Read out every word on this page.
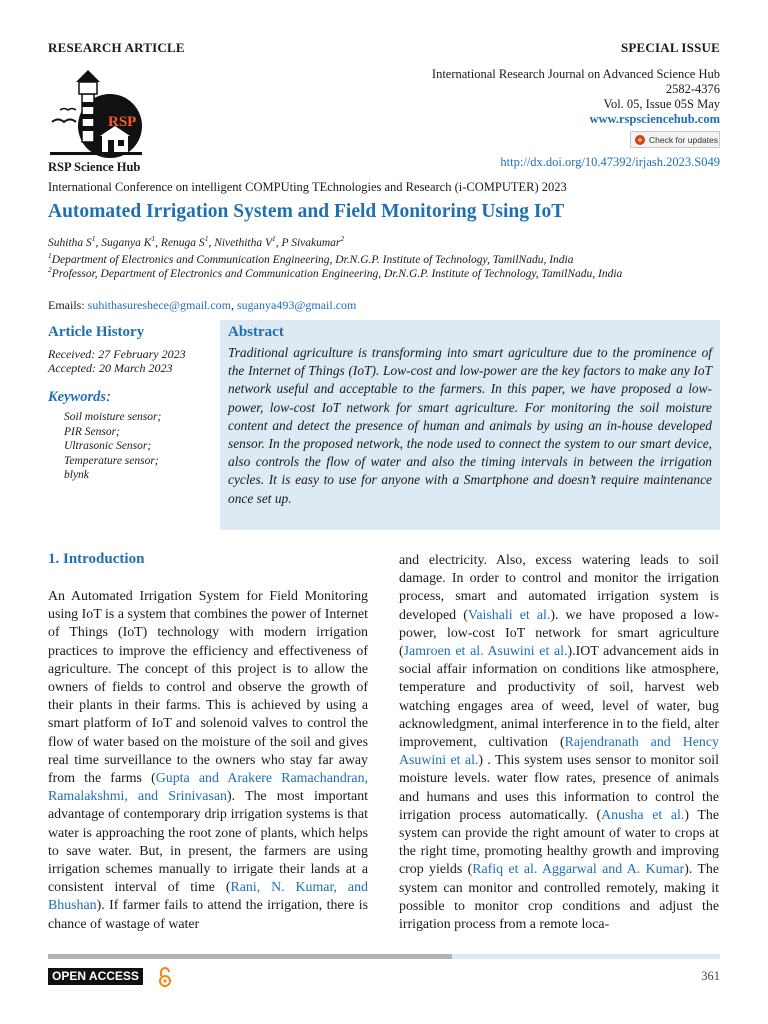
RESEARCH ARTICLE	SPECIAL ISSUE
RSP
RSP Science Hub
International Research Journal on Advanced Science Hub
2582-4376
Vol. 05, Issue 05S May
www.rspsciencehub.com
Check for updates
http://dx.doi.org/10.47392/irjash.2023.S049
International Conference on intelligent COMPUting TEchnologies and Research (i-COMPUTER) 2023
Automated Irrigation System and Field Monitoring Using IoT
Suhitha $S^1$, Suganya $K^1$, Renuga $S^1$, Nivethitha $V^1$, P Sivakumar$^2$
$^1$Department of Electronics and Communication Engineering, Dr.N.G.P. Institute of Technology, TamilNadu, India
$^2$Professor, Department of Electronics and Communication Engineering, Dr.N.G.P. Institute of Technology, TamilNadu, India
Emails: suhithasureshece@gmail.com, suganya493@gmail.com
Article History
Received: 27 February 2023
Accepted: 20 March 2023
Keywords:
Soil moisture sensor;
PIR Sensor;
Ultrasonic Sensor;
Temperature sensor;
blynk
Abstract
Traditional agriculture is transforming into smart agriculture due to the prominence of the Internet of Things (IoT). Low-cost and low-power are the key factors to make any IoT network useful and acceptable to the farmers. In this paper, we have proposed a low-power, low-cost IoT network for smart agriculture. For monitoring the soil moisture content and detect the presence of human and animals by using an in-house developed sensor. In the proposed network, the node used to connect the system to our smart device, also controls the flow of water and also the timing intervals in between the irrigation cycles. It is easy to use for anyone with a Smartphone and doesn’t require maintenance once set up.
1. Introduction
An Automated Irrigation System for Field Monitoring using IoT is a system that combines the power of Internet of Things (IoT) technology with modern irrigation practices to improve the efficiency and effectiveness of agriculture. The concept of this project is to allow the owners of fields to control and observe the growth of their plants in their farms. This is achieved by using a smart platform of IoT and solenoid valves to control the flow of water based on the moisture of the soil and gives real time surveillance to the owners who stay far away from the farms (Gupta and Arakere Ramachandran, Ramalakshmi, and Srinivasan). The most important advantage of contemporary drip irrigation systems is that water is approaching the root zone of plants, which helps to save water. But, in present, the farmers are using irrigation schemes manually to irrigate their lands at a consistent interval of time (Rani, N. Kumar, and Bhushan). If farmer fails to attend the irrigation, there is chance of wastage of water
and electricity. Also, excess watering leads to soil damage. In order to control and monitor the irrigation process, smart and automated irrigation system is developed (Vaishali et al.). we have proposed a low- power, low-cost IoT network for smart agriculture (Jamroen et al. Asuwini et al.).IOT advancement aids in social affair information on conditions like atmosphere, temperature and productivity of soil, harvest web watching engages area of weed, level of water, bug acknowledgment, animal interference in to the field, alter improvement, cultivation (Rajendranath and Hency Asuwini et al.) . This system uses sensor to monitor soil moisture levels. water flow rates, presence of animals and humans and uses this information to control the irrigation process automatically. (Anusha et al.) The system can provide the right amount of water to crops at the right time, promoting healthy growth and improving crop yields (Rafiq et al. Aggarwal and A. Kumar). The system can monitor and controlled remotely, making it possible to monitor crop conditions and adjust the irrigation process from a remote loca-
OPEN ACCESS	361
